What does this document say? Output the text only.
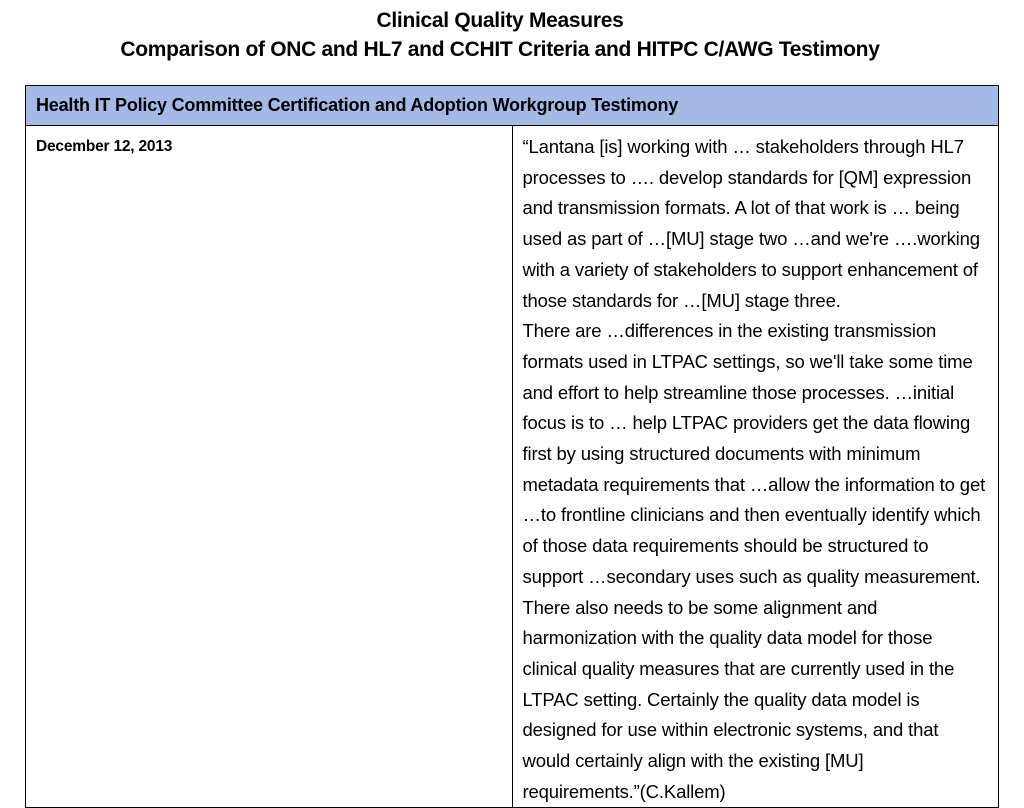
Clinical Quality Measures
Comparison of ONC and HL7 and CCHIT Criteria and HITPC C/AWG Testimony
Health IT Policy Committee Certification and Adoption Workgroup Testimony
December 12, 2013	“Lantana [is] working with … stakeholders through HL7 processes to …. develop standards for [QM] expression and transmission formats. A lot of that work is … being used as part of …[MU] stage two …and we're ….working with a variety of stakeholders to support enhancement of those standards for …[MU] stage three.

There are …differences in the existing transmission formats used in LTPAC settings, so we'll take some time and effort to help streamline those processes. …initial focus is to … help LTPAC providers get the data flowing first by using structured documents with minimum metadata requirements that …allow the information to get …to frontline clinicians and then eventually identify which of those data requirements should be structured to support …secondary uses such as quality measurement.

There also needs to be some alignment and harmonization with the quality data model for those clinical quality measures that are currently used in the LTPAC setting. Certainly the quality data model is designed for use within electronic systems, and that would certainly align with the existing [MU] requirements.”(C.Kallem)
